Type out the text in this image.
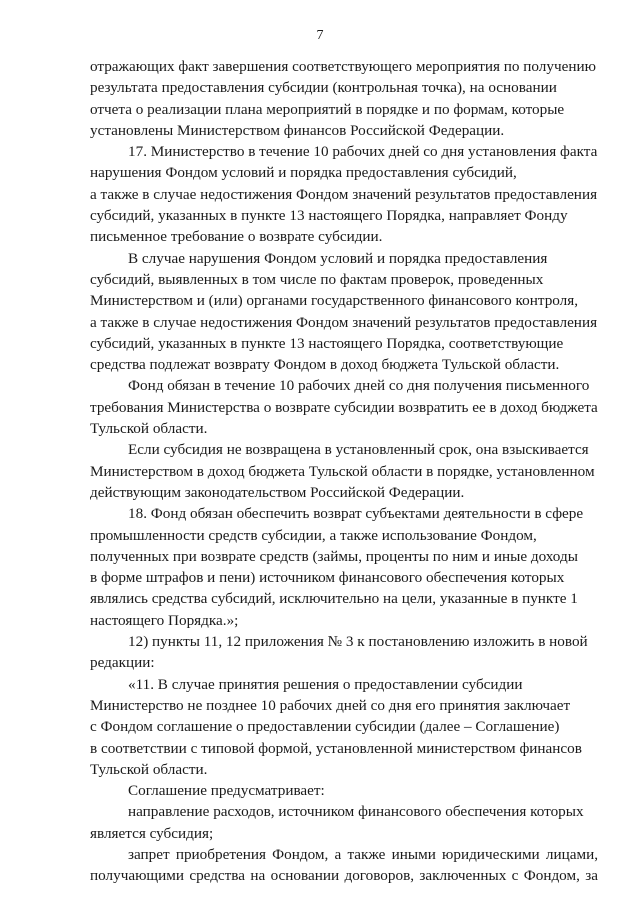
7

отражающих факт завершения соответствующего мероприятия по получению
результата предоставления субсидии (контрольная точка), на основании
отчета о реализации плана мероприятий в порядке и по формам, которые
установлены Министерством финансов Российской Федерации.

17. Министерство в течение 10 рабочих дней со дня установления факта
нарушения Фондом условий и порядка предоставления субсидий,
а также в случае недостижения Фондом значений результатов предоставления
субсидий, указанных в пункте 13 настоящего Порядка, направляет Фонду
письменное требование о возврате субсидии.

В случае нарушения Фондом условий и порядка предоставления
субсидий, выявленных в том числе по фактам проверок, проведенных
Министерством и (или) органами государственного финансового контроля,
а также в случае недостижения Фондом значений результатов предоставления
субсидий, указанных в пункте 13 настоящего Порядка, соответствующие
средства подлежат возврату Фондом в доход бюджета Тульской области.

Фонд обязан в течение 10 рабочих дней со дня получения письменного
требования Министерства о возврате субсидии возвратить ее в доход бюджета
Тульской области.

Если субсидия не возвращена в установленный срок, она взыскивается
Министерством в доход бюджета Тульской области в порядке, установленном
действующим законодательством Российской Федерации.

18. Фонд обязан обеспечить возврат субъектами деятельности в сфере
промышленности средств субсидии, а также использование Фондом,
полученных при возврате средств (займы, проценты по ним и иные доходы
в форме штрафов и пени) источником финансового обеспечения которых
являлись средства субсидий, исключительно на цели, указанные в пункте 1
настоящего Порядка.»;

12) пункты 11, 12 приложения № 3 к постановлению изложить в новой
редакции:

«11. В случае принятия решения о предоставлении субсидии
Министерство не позднее 10 рабочих дней со дня его принятия заключает
с Фондом соглашение о предоставлении субсидии (далее – Соглашение)
в соответствии с типовой формой, установленной министерством финансов
Тульской области.

Соглашение предусматривает:

направление расходов, источником финансового обеспечения которых
является субсидия;

запрет приобретения Фондом, а также иными юридическими лицами,
получающими средства на основании договоров, заключенных с Фондом, за
